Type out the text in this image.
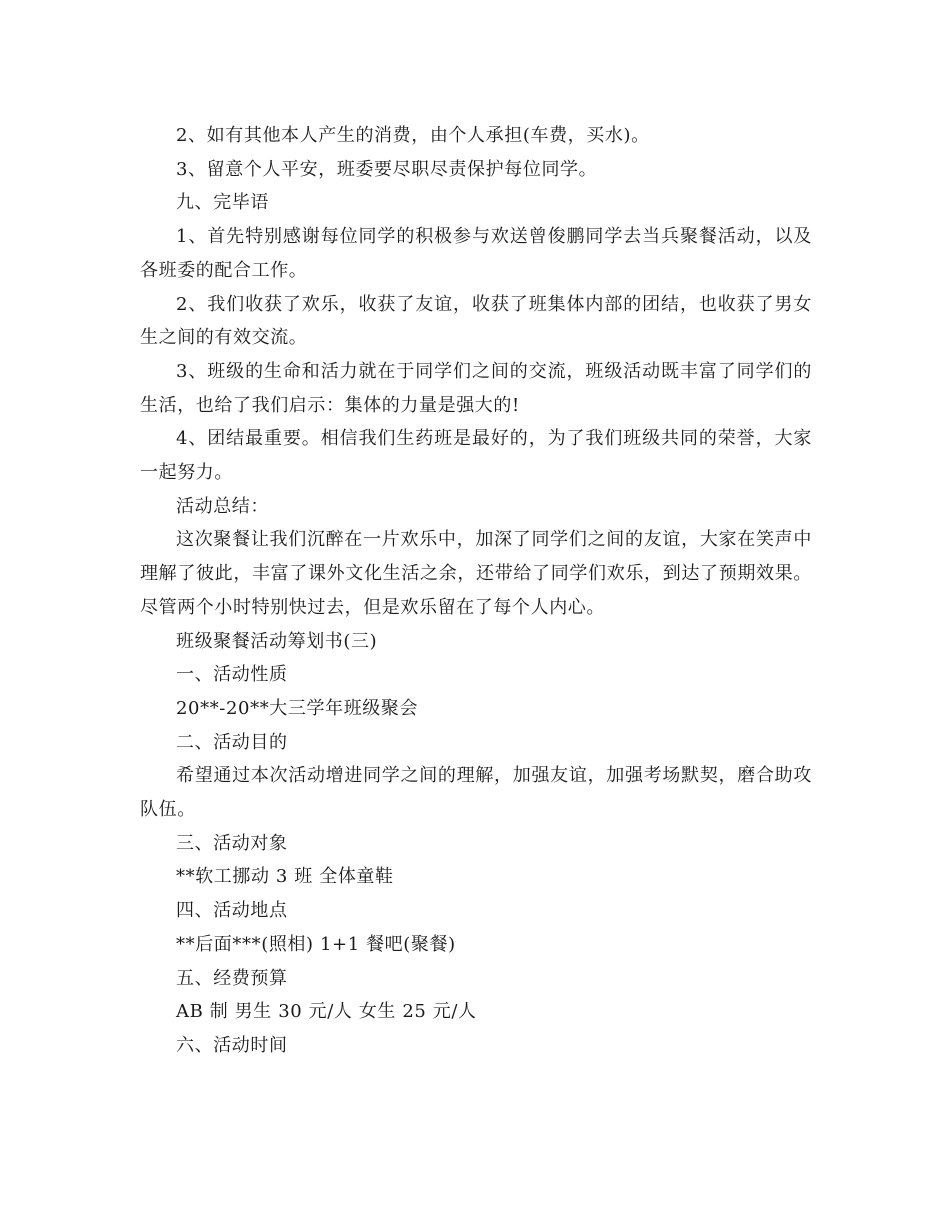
2、如有其他本人产生的消费，由个人承担(车费，买水)。

3、留意个人平安，班委要尽职尽责保护每位同学。

九、完毕语

1、首先特别感谢每位同学的积极参与欢送曾俊鹏同学去当兵聚餐活动，以及

各班委的配合工作。

2、我们收获了欢乐，收获了友谊，收获了班集体内部的团结，也收获了男女

生之间的有效交流。

3、班级的生命和活力就在于同学们之间的交流，班级活动既丰富了同学们的

生活，也给了我们启示：集体的力量是强大的!

4、团结最重要。相信我们生药班是最好的，为了我们班级共同的荣誉，大家

一起努力。

活动总结：

这次聚餐让我们沉醉在一片欢乐中，加深了同学们之间的友谊，大家在笑声中

理解了彼此，丰富了课外文化生活之余，还带给了同学们欢乐，到达了预期效果。

尽管两个小时特别快过去，但是欢乐留在了每个人内心。

班级聚餐活动筹划书(三)

一、活动性质

20**-20**大三学年班级聚会

二、活动目的

希望通过本次活动增进同学之间的理解，加强友谊，加强考场默契，磨合助攻

队伍。

三、活动对象

**软工挪动 3 班 全体童鞋

四、活动地点

**后面***(照相) 1+1 餐吧(聚餐)

五、经费预算

AB 制 男生 30 元/人 女生 25 元/人

六、活动时间
